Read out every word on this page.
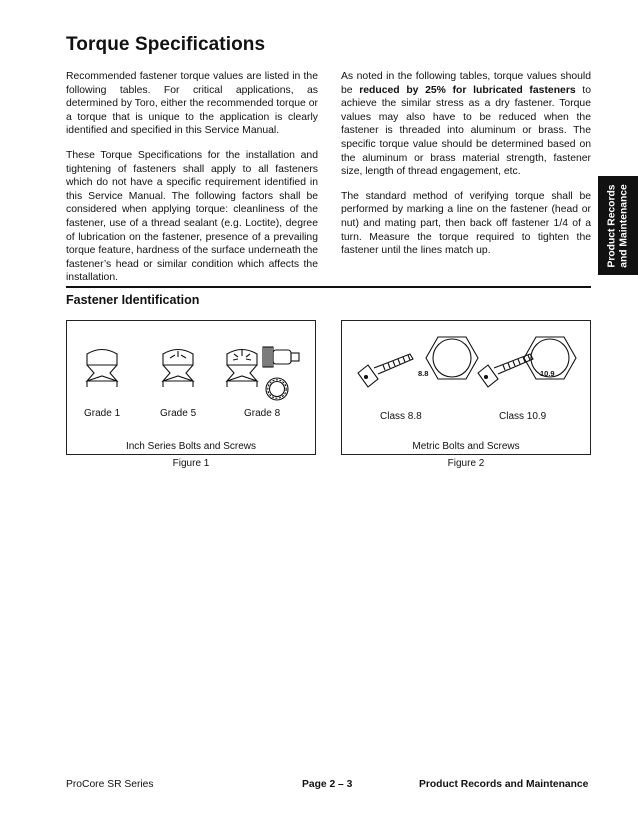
Torque Specifications

Recommended fastener torque values are listed in the following tables. For critical applications, as determined by Toro, either the recommended torque or a torque that is unique to the application is clearly identified and specified in this Service Manual.

These Torque Specifications for the installation and tightening of fasteners shall apply to all fasteners which do not have a specific requirement identified in this Service Manual. The following factors shall be considered when applying torque: cleanliness of the fastener, use of a thread sealant (e.g. Loctite), degree of lubrication on the fastener, presence of a prevailing torque feature, hardness of the surface underneath the fastener’s head or similar condition which affects the installation.

As noted in the following tables, torque values should be reduced by 25% for lubricated fasteners to achieve the similar stress as a dry fastener. Torque values may also have to be reduced when the fastener is threaded into aluminum or brass. The specific torque value should be determined based on the aluminum or brass material strength, fastener size, length of thread engagement, etc.

The standard method of verifying torque shall be performed by marking a line on the fastener (head or nut) and mating part, then back off fastener 1/4 of a turn. Measure the torque required to tighten the fastener until the lines match up.	Product Records and Maintenance
Fastener Identification
Grade 1	Grade 5	Grade 8
Inch Series Bolts and Screws
Figure 1
8.8	10.9
Class 8.8	Class 10.9
Metric Bolts and Screws
Figure 2
ProCore SR Series	Page 2 – 3	Product Records and Maintenance
